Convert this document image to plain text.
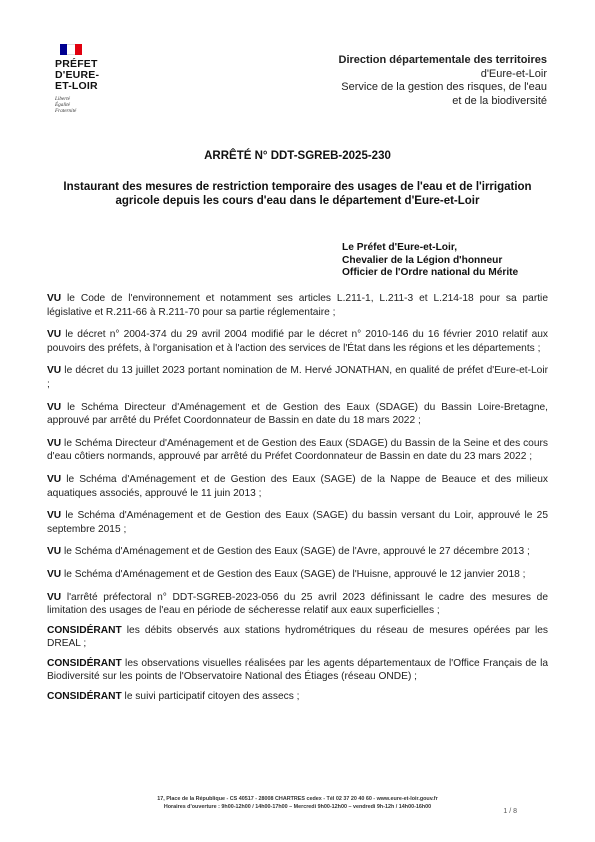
PRÉFET
D'EURE-
ET-LOIR
Liberté
Égalité
Fraternité
Direction départementale des territoires
d'Eure-et-Loir
Service de la gestion des risques, de l'eau
et de la biodiversité
ARRÊTÉ N° DDT-SGREB-2025-230
Instaurant des mesures de restriction temporaire des usages de l'eau et de l'irrigation agricole depuis les cours d'eau dans le département d'Eure-et-Loir
Le Préfet d'Eure-et-Loir,
Chevalier de la Légion d'honneur
Officier de l'Ordre national du Mérite

VU le Code de l'environnement et notamment ses articles L.211-1, L.211-3 et L.214-18 pour sa partie législative et R.211-66 à R.211-70 pour sa partie réglementaire ;

VU le décret n° 2004-374 du 29 avril 2004 modifié par le décret n° 2010-146 du 16 février 2010 relatif aux pouvoirs des préfets, à l'organisation et à l'action des services de l'État dans les régions et les départements ;

VU le décret du 13 juillet 2023 portant nomination de M. Hervé JONATHAN, en qualité de préfet d'Eure-et-Loir ;

VU le Schéma Directeur d'Aménagement et de Gestion des Eaux (SDAGE) du Bassin Loire-Bretagne, approuvé par arrêté du Préfet Coordonnateur de Bassin en date du 18 mars 2022 ;

VU le Schéma Directeur d'Aménagement et de Gestion des Eaux (SDAGE) du Bassin de la Seine et des cours d'eau côtiers normands, approuvé par arrêté du Préfet Coordonnateur de Bassin en date du 23 mars 2022 ;

VU le Schéma d'Aménagement et de Gestion des Eaux (SAGE) de la Nappe de Beauce et des milieux aquatiques associés, approuvé le 11 juin 2013 ;

VU le Schéma d'Aménagement et de Gestion des Eaux (SAGE) du bassin versant du Loir, approuvé le 25 septembre 2015 ;

VU le Schéma d'Aménagement et de Gestion des Eaux (SAGE) de l'Avre, approuvé le 27 décembre 2013 ;

VU le Schéma d'Aménagement et de Gestion des Eaux (SAGE) de l'Huisne, approuvé le 12 janvier 2018 ;

VU l'arrêté préfectoral n° DDT-SGREB-2023-056 du 25 avril 2023 définissant le cadre des mesures de limitation des usages de l'eau en période de sécheresse relatif aux eaux superficielles ;

CONSIDÉRANT les débits observés aux stations hydrométriques du réseau de mesures opérées par les DREAL ;

CONSIDÉRANT les observations visuelles réalisées par les agents départementaux de l'Office Français de la Biodiversité sur les points de l'Observatoire National des Étiages (réseau ONDE) ;

CONSIDÉRANT le suivi participatif citoyen des assecs ;

17, Place de la République - CS 40517 - 28008 CHARTRES cedex - Tél 02 37 20 40 60 - www.eure-et-loir.gouv.fr
Horaires d'ouverture : 9h00-12h00 / 14h00-17h00 – Mercredi 9h00-12h00 – vendredi 9h-12h / 14h00-16h00
1 / 8
